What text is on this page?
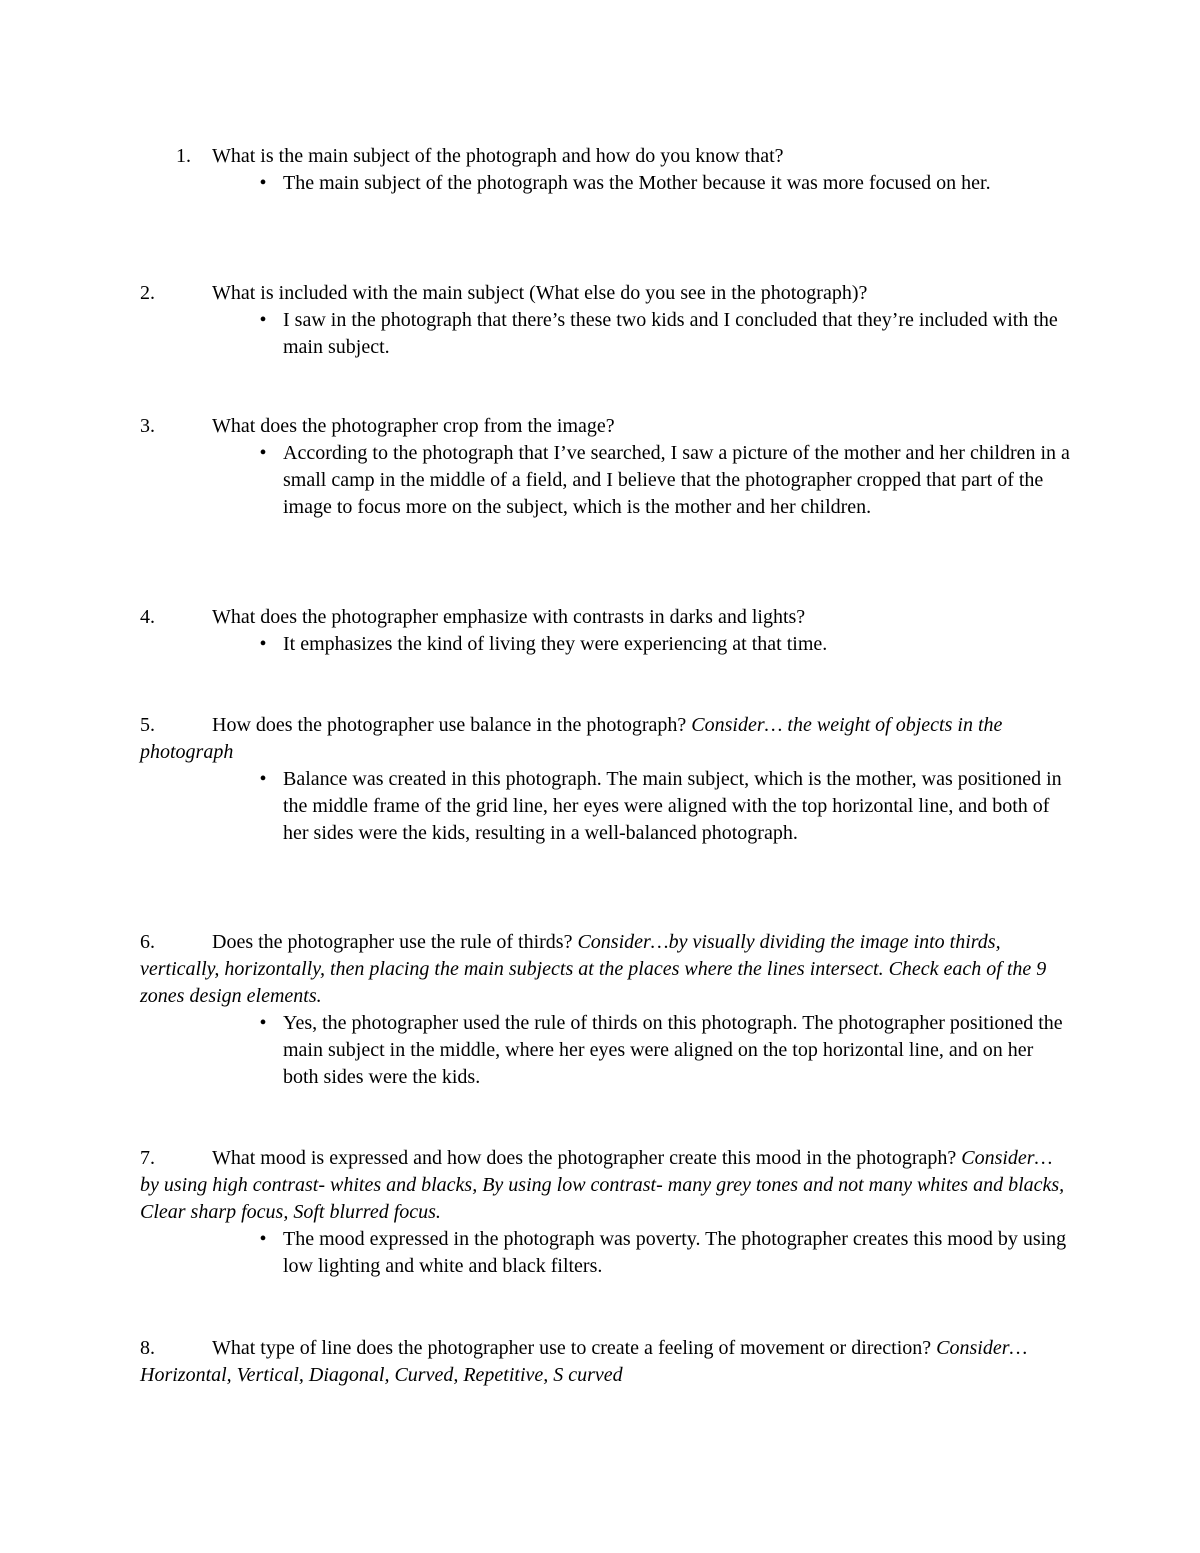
1. What is the main subject of the photograph and how do you know that?
• The main subject of the photograph was the Mother because it was more focused on her.
2.	What is included with the main subject (What else do you see in the photograph)?
• I saw in the photograph that there’s these two kids and I concluded that they’re included with the main subject.
3.	What does the photographer crop from the image?
• According to the photograph that I’ve searched, I saw a picture of the mother and her children in a small camp in the middle of a field, and I believe that the photographer cropped that part of the image to focus more on the subject, which is the mother and her children.
4.	What does the photographer emphasize with contrasts in darks and lights?
• It emphasizes the kind of living they were experiencing at that time.
5.	How does the photographer use balance in the photograph? Consider… the weight of objects in the photograph
• Balance was created in this photograph. The main subject, which is the mother, was positioned in the middle frame of the grid line, her eyes were aligned with the top horizontal line, and both of her sides were the kids, resulting in a well-balanced photograph.
6.	Does the photographer use the rule of thirds? Consider…by visually dividing the image into thirds, vertically, horizontally, then placing the main subjects at the places where the lines intersect. Check each of the 9 zones design elements.
• Yes, the photographer used the rule of thirds on this photograph. The photographer positioned the main subject in the middle, where her eyes were aligned on the top horizontal line, and on her both sides were the kids.
7.	What mood is expressed and how does the photographer create this mood in the photograph? Consider…by using high contrast- whites and blacks, By using low contrast- many grey tones and not many whites and blacks, Clear sharp focus, Soft blurred focus.
• The mood expressed in the photograph was poverty. The photographer creates this mood by using low lighting and white and black filters.
8.	What type of line does the photographer use to create a feeling of movement or direction? Consider…Horizontal, Vertical, Diagonal, Curved, Repetitive, S curved
